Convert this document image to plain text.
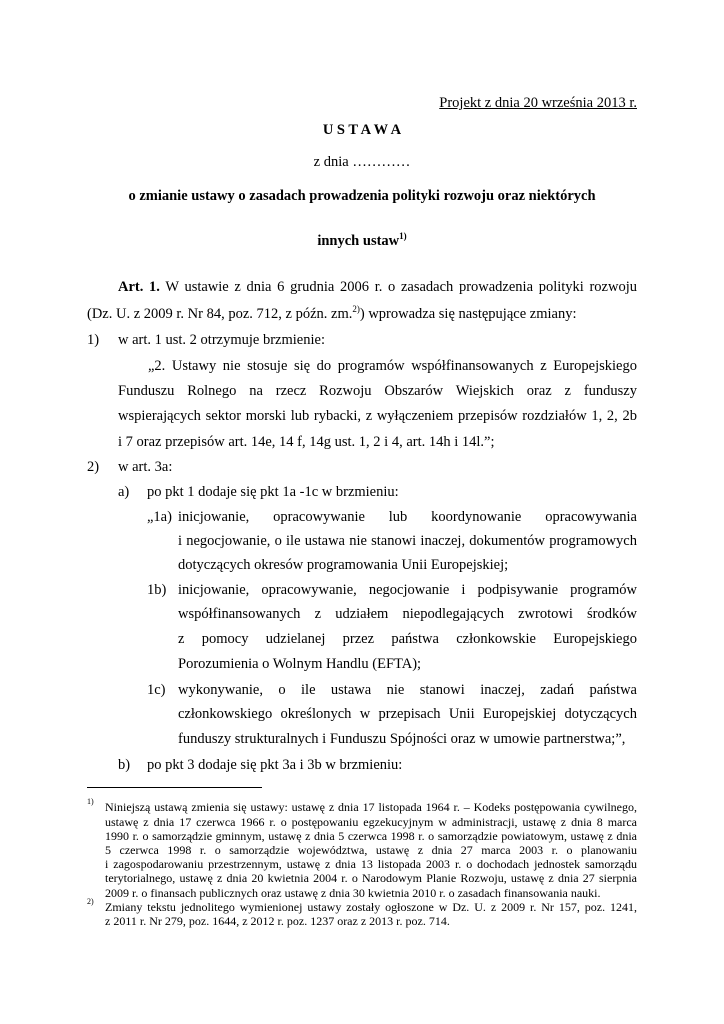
Projekt z dnia 20 września 2013 r.
U S T A W A
z dnia …………
o zmianie ustawy o zasadach prowadzenia polityki rozwoju oraz niektórych
innych ustaw$^{1)}$
Art. 1. W ustawie z dnia 6 grudnia 2006 r. o zasadach prowadzenia polityki rozwoju
(Dz. U. z 2009 r. Nr 84, poz. 712, z późn. zm.$^{2)}$) wprowadza się następujące zmiany:
1) w art. 1 ust. 2 otrzymuje brzmienie:
„2. Ustawy nie stosuje się do programów współfinansowanych z Europejskiego
Funduszu Rolnego na rzecz Rozwoju Obszarów Wiejskich oraz z funduszy
wspierających sektor morski lub rybacki, z wyłączeniem przepisów rozdziałów 1, 2, 2b
i 7 oraz przepisów art. 14e, 14 f, 14g ust. 1, 2 i 4, art. 14h i 14l.”;
2) w art. 3a:
a) po pkt 1 dodaje się pkt 1a -1c w brzmieniu:
„1a) inicjowanie, opracowywanie lub koordynowanie opracowywania
i negocjowanie, o ile ustawa nie stanowi inaczej, dokumentów programowych
dotyczących okresów programowania Unii Europejskiej;
1b) inicjowanie, opracowywanie, negocjowanie i podpisywanie programów
współfinansowanych z udziałem niepodlegających zwrotowi środków
z pomocy udzielanej przez państwa członkowskie Europejskiego
Porozumienia o Wolnym Handlu (EFTA);
1c) wykonywanie, o ile ustawa nie stanowi inaczej, zadań państwa
członkowskiego określonych w przepisach Unii Europejskiej dotyczących
funduszy strukturalnych i Funduszu Spójności oraz w umowie partnerstwa;”,
b) po pkt 3 dodaje się pkt 3a i 3b w brzmieniu:
1) Niniejszą ustawą zmienia się ustawy: ustawę z dnia 17 listopada 1964 r. – Kodeks postępowania cywilnego,
ustawę z dnia 17 czerwca 1966 r. o postępowaniu egzekucyjnym w administracji, ustawę z dnia 8 marca
1990 r. o samorządzie gminnym, ustawę z dnia 5 czerwca 1998 r. o samorządzie powiatowym, ustawę z dnia
5 czerwca 1998 r. o samorządzie województwa, ustawę z dnia 27 marca 2003 r. o planowaniu
i zagospodarowaniu przestrzennym, ustawę z dnia 13 listopada 2003 r. o dochodach jednostek samorządu
terytorialnego, ustawę z dnia 20 kwietnia 2004 r. o Narodowym Planie Rozwoju, ustawę z dnia 27 sierpnia
2009 r. o finansach publicznych oraz ustawę z dnia 30 kwietnia 2010 r. o zasadach finansowania nauki.
2) Zmiany tekstu jednolitego wymienionej ustawy zostały ogłoszone w Dz. U. z 2009 r. Nr 157, poz. 1241,
z 2011 r. Nr 279, poz. 1644, z 2012 r. poz. 1237 oraz z 2013 r. poz. 714.
